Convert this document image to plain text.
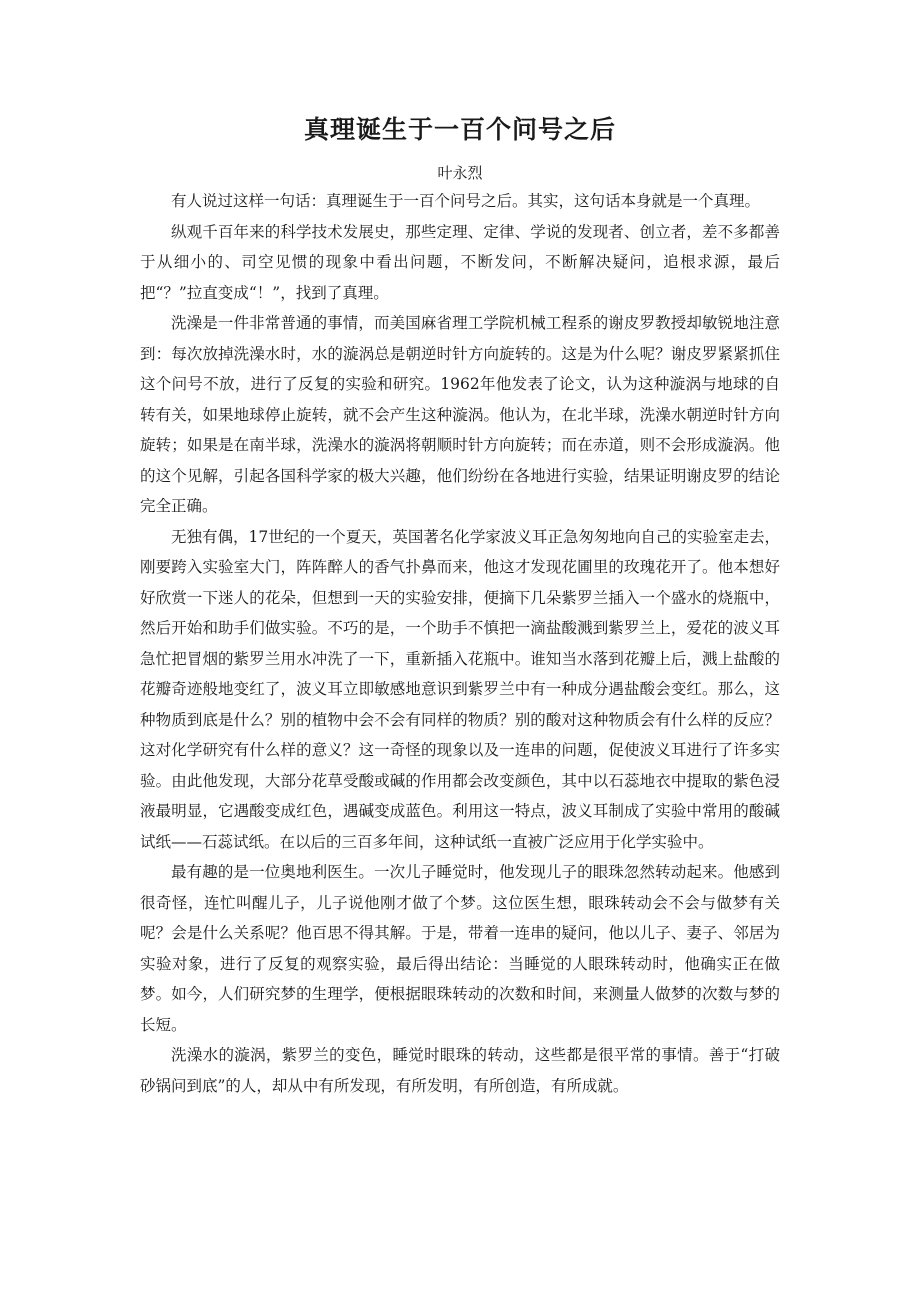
真理诞生于一百个问号之后

叶永烈

有人说过这样一句话：真理诞生于一百个问号之后。其实，这句话本身就是一个真理。

纵观千百年来的科学技术发展史，那些定理、定律、学说的发现者、创立者，差不多都善于从细小的、司空见惯的现象中看出问题，不断发问，不断解决疑问，追根求源，最后把“？”拉直变成“！”，找到了真理。

洗澡是一件非常普通的事情，而美国麻省理工学院机械工程系的谢皮罗教授却敏锐地注意到：每次放掉洗澡水时，水的漩涡总是朝逆时针方向旋转的。这是为什么呢？谢皮罗紧紧抓住这个问号不放，进行了反复的实验和研究。1962年他发表了论文，认为这种漩涡与地球的自转有关，如果地球停止旋转，就不会产生这种漩涡。他认为，在北半球，洗澡水朝逆时针方向旋转；如果是在南半球，洗澡水的漩涡将朝顺时针方向旋转；而在赤道，则不会形成漩涡。他的这个见解，引起各国科学家的极大兴趣，他们纷纷在各地进行实验，结果证明谢皮罗的结论完全正确。

无独有偶，17世纪的一个夏天，英国著名化学家波义耳正急匆匆地向自己的实验室走去，刚要跨入实验室大门，阵阵醉人的香气扑鼻而来，他这才发现花圃里的玫瑰花开了。他本想好好欣赏一下迷人的花朵，但想到一天的实验安排，便摘下几朵紫罗兰插入一个盛水的烧瓶中，然后开始和助手们做实验。不巧的是，一个助手不慎把一滴盐酸溅到紫罗兰上，爱花的波义耳急忙把冒烟的紫罗兰用水冲洗了一下，重新插入花瓶中。谁知当水落到花瓣上后，溅上盐酸的花瓣奇迹般地变红了，波义耳立即敏感地意识到紫罗兰中有一种成分遇盐酸会变红。那么，这种物质到底是什么？别的植物中会不会有同样的物质？别的酸对这种物质会有什么样的反应？这对化学研究有什么样的意义？这一奇怪的现象以及一连串的问题，促使波义耳进行了许多实验。由此他发现，大部分花草受酸或碱的作用都会改变颜色，其中以石蕊地衣中提取的紫色浸液最明显，它遇酸变成红色，遇碱变成蓝色。利用这一特点，波义耳制成了实验中常用的酸碱试纸——石蕊试纸。在以后的三百多年间，这种试纸一直被广泛应用于化学实验中。

最有趣的是一位奥地利医生。一次儿子睡觉时，他发现儿子的眼珠忽然转动起来。他感到很奇怪，连忙叫醒儿子，儿子说他刚才做了个梦。这位医生想，眼珠转动会不会与做梦有关呢？会是什么关系呢？他百思不得其解。于是，带着一连串的疑问，他以儿子、妻子、邻居为实验对象，进行了反复的观察实验，最后得出结论：当睡觉的人眼珠转动时，他确实正在做梦。如今，人们研究梦的生理学，便根据眼珠转动的次数和时间，来测量人做梦的次数与梦的长短。

洗澡水的漩涡，紫罗兰的变色，睡觉时眼珠的转动，这些都是很平常的事情。善于“打破砂锅问到底”的人，却从中有所发现，有所发明，有所创造，有所成就。
